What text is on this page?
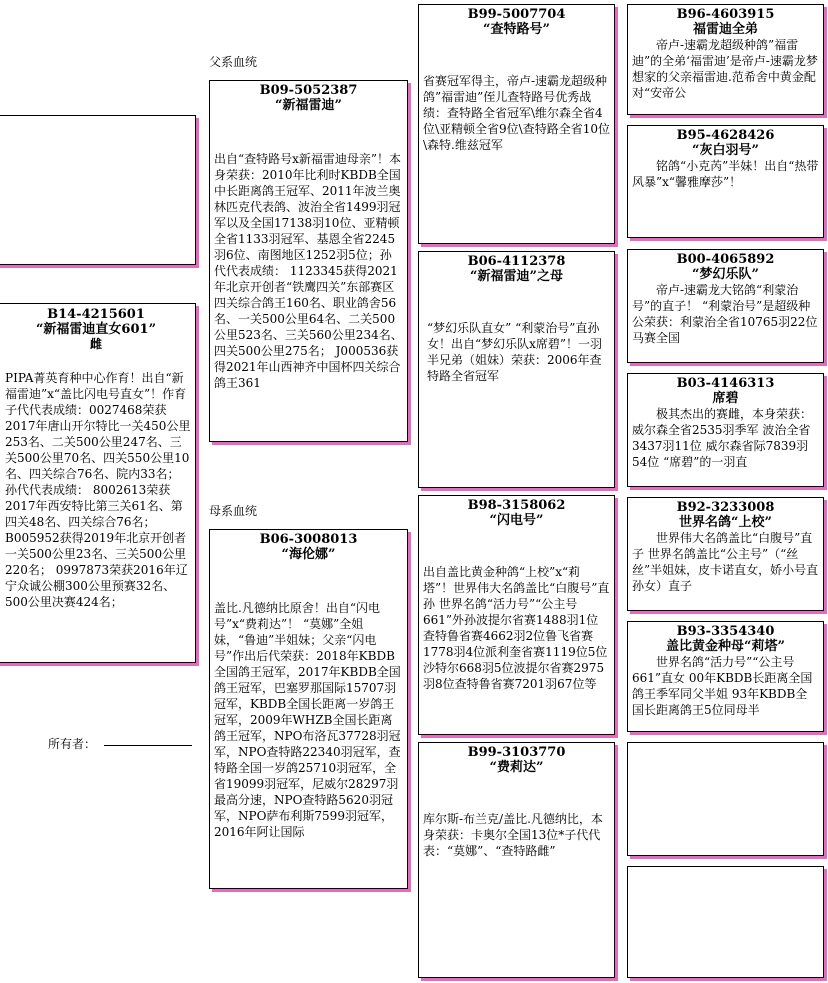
父系血统
母系血统
B14-4215601
“新福雷迪直女601”
雌
PIPA菁英育种中心作育！出自“新福雷迪”x“盖比闪电号直女”！作育子代代表成绩：0027468荣获2017年唐山开尔特比一关450公里253名、二关500公里247名、三关500公里70名、四关550公里10名、四关综合76名、院内33名；孙代代表成绩： 8002613荣获2017年西安特比第三关61名、第四关48名、四关综合76名； B005952获得2019年北京开创者一关500公里23名、三关500公里220名； 0997873荣获2016年辽宁众诚公棚300公里预赛32名、500公里决赛424名；
所有者：
B09-5052387
“新福雷迪”
出自“查特路号x新福雷迪母亲”！本身荣获：2010年比利时KBDB全国中长距离鸽王冠军、2011年波兰奥林匹克代表鸽、波治全省1499羽冠军以及全国17138羽10位、亚精顿全省1133羽冠军、基恩全省2245羽6位、南图地区1252羽5位；孙代代表成绩： 1123345获得2021年北京开创者“铁鹰四关”东部赛区四关综合鸽王160名、职业鸽舍56名、一关500公里64名、二关500公里523名、三关560公里234名、四关500公里275名； J000536获得2021年山西神齐中国杯四关综合鸽王361
B06-3008013
“海伦娜”
盖比.凡德纳比原舍！出自“闪电号”x“费莉达”！ “莫娜”全姐妹，“鲁迪”半姐妹；父亲“闪电号”作出后代荣获：2018年KBDB全国鸽王冠军，2017年KBDB全国鸽王冠军，巴塞罗那国际15707羽冠军，KBDB全国长距离一岁鸽王冠军，2009年WHZB全国长距离鸽王冠军，NPO布洛瓦37728羽冠军，NPO查特路22340羽冠军，查特路全国一岁鸽25710羽冠军，全省19099羽冠军，尼威尔28297羽最高分速，NPO查特路5620羽冠军，NPO萨布利斯7599羽冠军，2016年阿让国际
B99-5007704
“查特路号”
省赛冠军得主，帝卢-速霸龙超级种鸽”福雷迪”侄儿查特路号优秀战绩：查特路全省冠军\维尔森全省4位\亚精顿全省9位\查特路全省10位\森特.维兹冠军
B06-4112378
“新福雷迪”之母
“梦幻乐队直女” “利蒙治号”直孙女！出自“梦幻乐队x席碧”！一羽半兄弟（姐妹）荣获：2006年查特路全省冠军
B98-3158062
“闪电号”
出自盖比黄金种鸽“上校”x“莉塔”！世界伟大名鸽盖比“白腹号”直孙 世界名鸽“活力号”“公主号661”外孙波提尔省赛1488羽1位查特鲁省赛4662羽2位鲁飞省赛1778羽4位派利奎省赛1119位5位沙特尔668羽5位波提尔省赛2975羽8位查特鲁省赛7201羽67位等
B99-3103770
“费莉达”
库尔斯-布兰克/盖比.凡德纳比，本身荣获：卡奥尔全国13位*子代代表：“莫娜”、“查特路雌”
B96-4603915
福雷迪全弟
帝卢-速霸龙超级种鸽”福雷迪”的全弟‘福雷迪’是帝卢-速霸龙梦想家的父亲福雷迪.范希舍中黄金配对“安帝公
B95-4628426
“灰白羽号”
铭鸽“小克芮”半妹！出自“热带风暴”x“馨雅摩莎”！
B00-4065892
“梦幻乐队”
帝卢-速霸龙大铭鸽“利蒙治号”的直子！ “利蒙治号”是超级种公荣获：利蒙治全省10765羽22位 马赛全国
B03-4146313
席碧
极其杰出的赛雌，本身荣获：威尔森全省2535羽季军 波治全省3437羽11位 威尔森省际7839羽54位 “席碧”的一羽直
B92-3233008
世界名鸽“上校”
世界伟大名鸽盖比“白腹号”直子 世界名鸽盖比“公主号”（“丝丝”半姐妹，皮卡诺直女，娇小号直孙女）直子
B93-3354340
盖比黄金种母“莉塔”
世界名鸽“活力号”“公主号661”直女 00年KBDB长距离全国鸽王季军同父半姐 93年KBDB全国长距离鸽王5位同母半
